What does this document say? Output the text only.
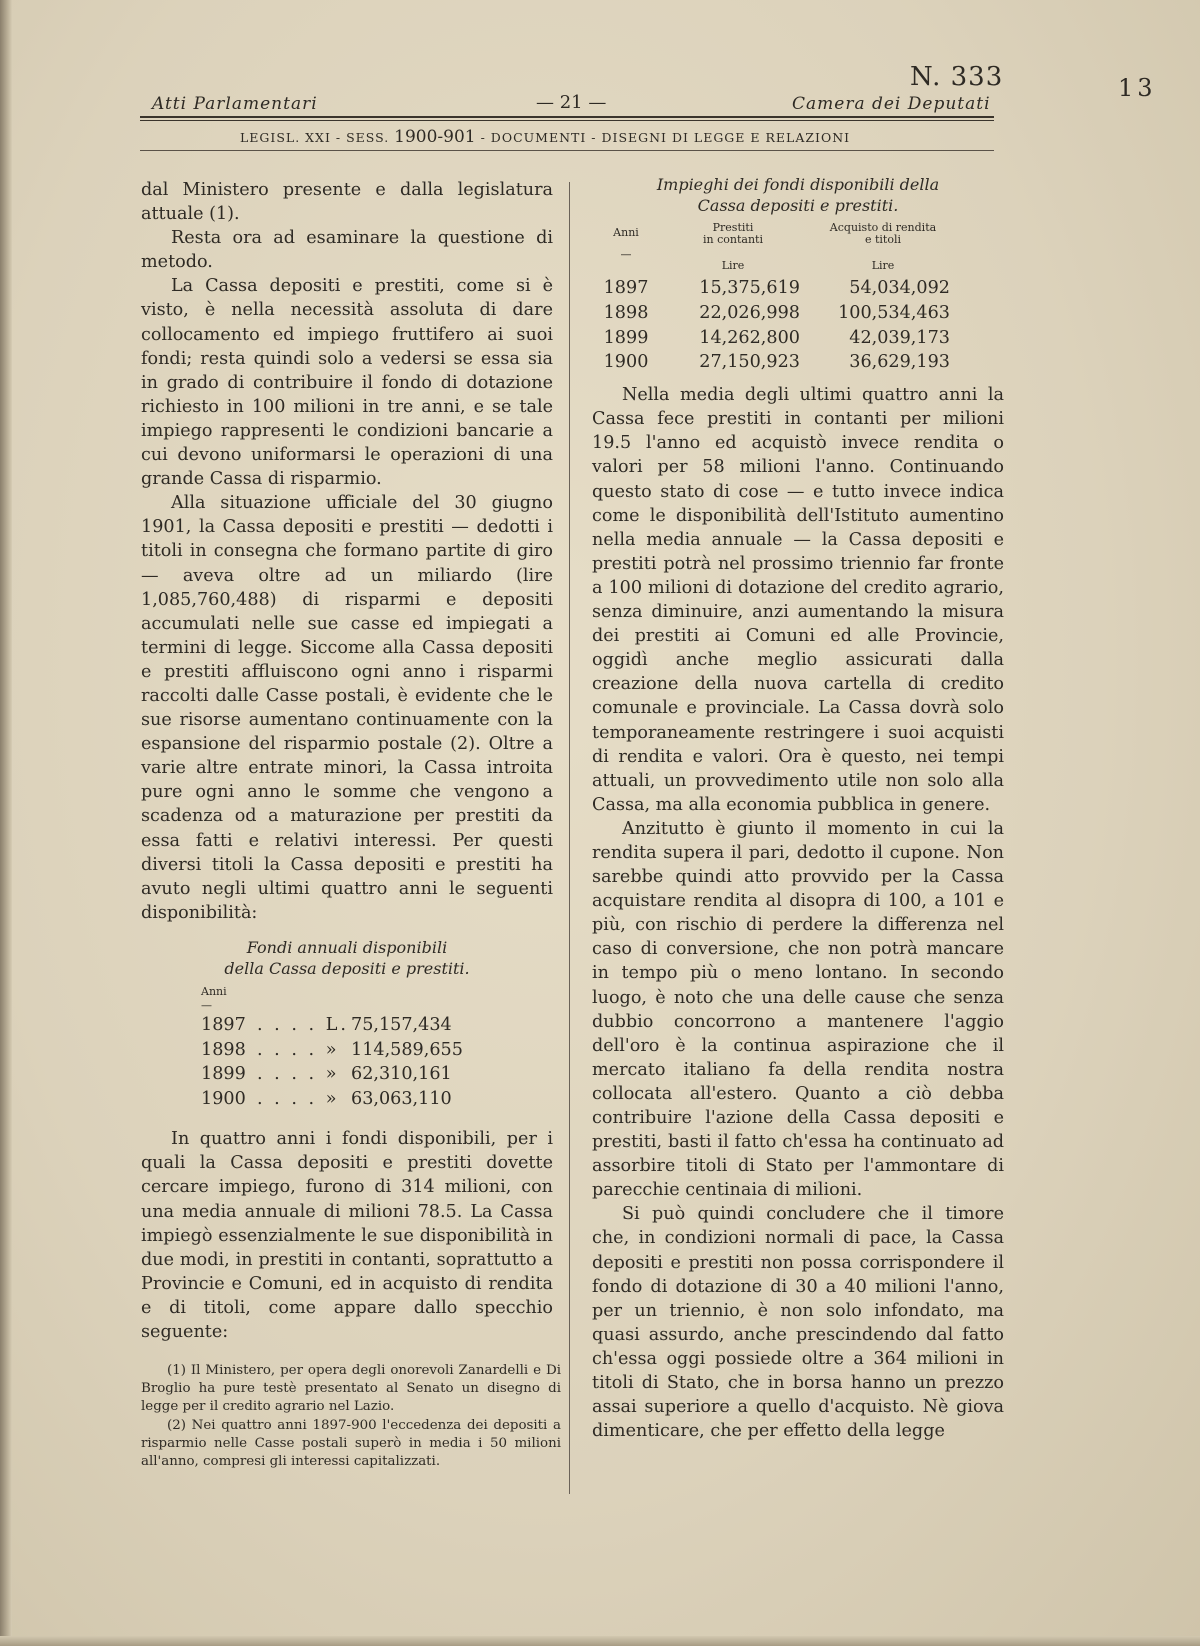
N. 333	13
Atti Parlamentari	— 21 —	Camera dei Deputati
LEGISL. XXI - SESS. 1900-901 - DOCUMENTI - DISEGNI DI LEGGE E RELAZIONI

dal Ministero presente e dalla legislatura attuale (1).

Resta ora ad esaminare la questione di metodo.

La Cassa depositi e prestiti, come si è visto, è nella necessità assoluta di dare collocamento ed impiego fruttifero ai suoi fondi; resta quindi solo a vedersi se essa sia in grado di contribuire il fondo di dotazione richiesto in 100 milioni in tre anni, e se tale impiego rappresenti le condizioni bancarie a cui devono uniformarsi le operazioni di una grande Cassa di risparmio.

Alla situazione ufficiale del 30 giugno 1901, la Cassa depositi e prestiti — dedotti i titoli in consegna che formano partite di giro — aveva oltre ad un miliardo (lire 1,085,760,488) di risparmi e depositi accumulati nelle sue casse ed impiegati a termini di legge. Siccome alla Cassa depositi e prestiti affluiscono ogni anno i risparmi raccolti dalle Casse postali, è evidente che le sue risorse aumentano continuamente con la espansione del risparmio postale (2). Oltre a varie altre entrate minori, la Cassa introita pure ogni anno le somme che vengono a scadenza od a maturazione per prestiti da essa fatti e relativi interessi. Per questi diversi titoli la Cassa depositi e prestiti ha avuto negli ultimi quattro anni le seguenti disponibilità:

Fondi annuali disponibili
della Cassa depositi e prestiti.
Anni
—
1897 . . . . L. 75,157,434
1898 . . . . » 114,589,655
1899 . . . . » 62,310,161
1900 . . . . » 63,063,110

In quattro anni i fondi disponibili, per i quali la Cassa depositi e prestiti dovette cercare impiego, furono di 314 milioni, con una media annuale di milioni 78.5. La Cassa impiegò essenzialmente le sue disponibilità in due modi, in prestiti in contanti, soprattutto a Provincie e Comuni, ed in acquisto di rendita e di titoli, come appare dallo specchio seguente:

(1) Il Ministero, per opera degli onorevoli Zanardelli e Di Broglio ha pure testè presentato al Senato un disegno di legge per il credito agrario nel Lazio.

(2) Nei quattro anni 1897-900 l'eccedenza dei depositi a risparmio nelle Casse postali superò in media i 50 milioni all'anno, compresi gli interessi capitalizzati.

Impieghi dei fondi disponibili della
Cassa depositi e prestiti.
Anni
—
Prestiti
in contanti
Lire
Acquisto di rendita
e titoli
Lire
1897	15,375,619	54,034,092
1898	22,026,998	100,534,463
1899	14,262,800	42,039,173
1900	27,150,923	36,629,193

Nella media degli ultimi quattro anni la Cassa fece prestiti in contanti per milioni 19.5 l'anno ed acquistò invece rendita o valori per 58 milioni l'anno. Continuando questo stato di cose — e tutto invece indica come le disponibilità dell'Istituto aumentino nella media annuale — la Cassa depositi e prestiti potrà nel prossimo triennio far fronte a 100 milioni di dotazione del credito agrario, senza diminuire, anzi aumentando la misura dei prestiti ai Comuni ed alle Provincie, oggidì anche meglio assicurati dalla creazione della nuova cartella di credito comunale e provinciale. La Cassa dovrà solo temporaneamente restringere i suoi acquisti di rendita e valori. Ora è questo, nei tempi attuali, un provvedimento utile non solo alla Cassa, ma alla economia pubblica in genere.

Anzitutto è giunto il momento in cui la rendita supera il pari, dedotto il cupone. Non sarebbe quindi atto provvido per la Cassa acquistare rendita al disopra di 100, a 101 e più, con rischio di perdere la differenza nel caso di conversione, che non potrà mancare in tempo più o meno lontano. In secondo luogo, è noto che una delle cause che senza dubbio concorrono a mantenere l'aggio dell'oro è la continua aspirazione che il mercato italiano fa della rendita nostra collocata all'estero. Quanto a ciò debba contribuire l'azione della Cassa depositi e prestiti, basti il fatto ch'essa ha continuato ad assorbire titoli di Stato per l'ammontare di parecchie centinaia di milioni.

Si può quindi concludere che il timore che, in condizioni normali di pace, la Cassa depositi e prestiti non possa corrispondere il fondo di dotazione di 30 a 40 milioni l'anno, per un triennio, è non solo infondato, ma quasi assurdo, anche prescindendo dal fatto ch'essa oggi possiede oltre a 364 milioni in titoli di Stato, che in borsa hanno un prezzo assai superiore a quello d'acquisto. Nè giova dimenticare, che per effetto della legge
